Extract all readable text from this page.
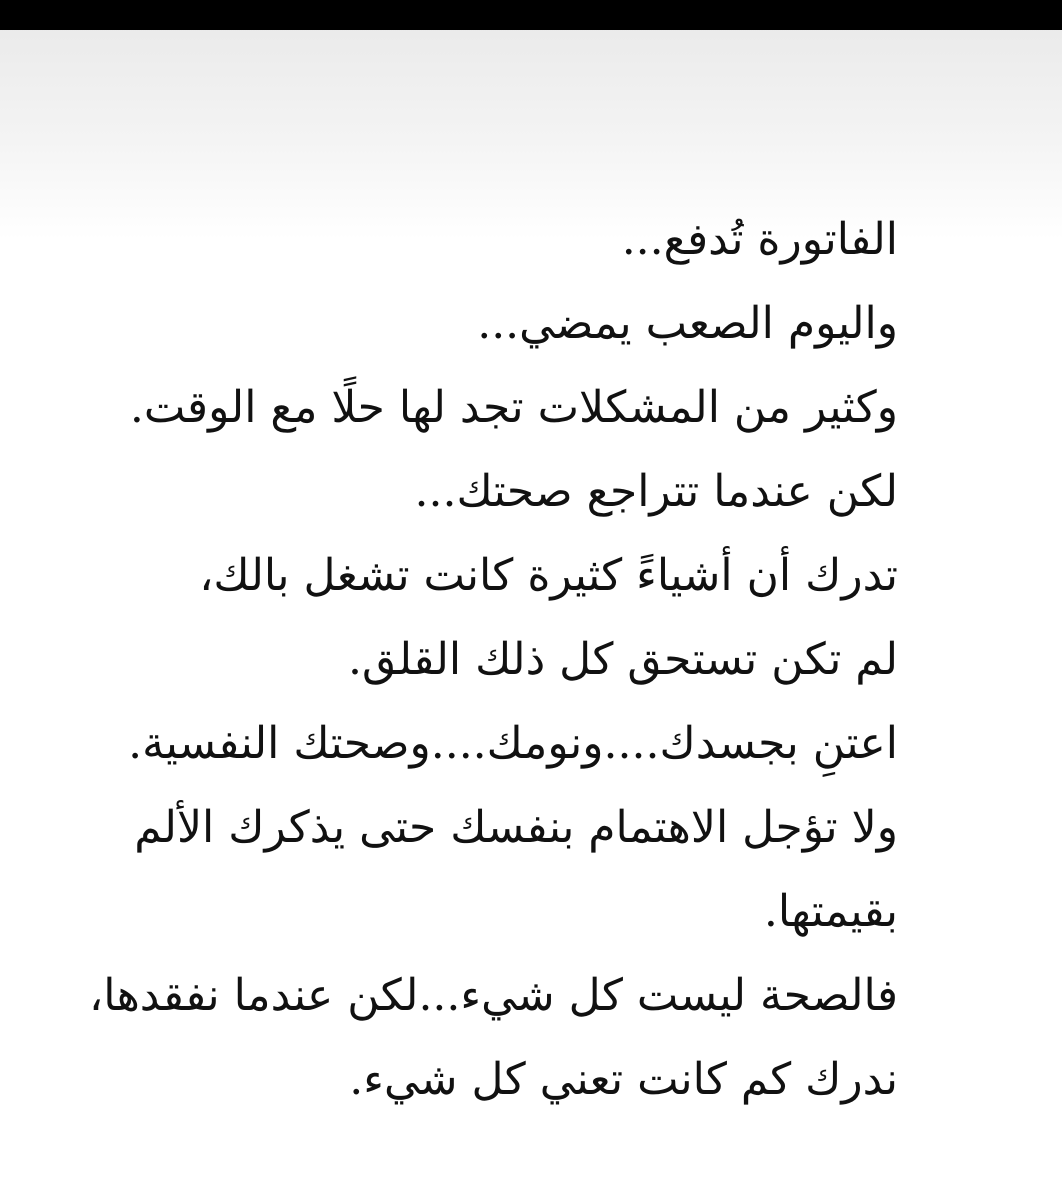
الفاتورة تُدفع...
واليوم الصعب يمضي...
وكثير من المشكلات تجد لها حلًا مع الوقت.
لكن عندما تتراجع صحتك...
تدرك أن أشياءً كثيرة كانت تشغل بالك،
لم تكن تستحق كل ذلك القلق.
اعتنِ بجسدك....ونومك....وصحتك النفسية.
ولا تؤجل الاهتمام بنفسك حتى يذكرك الألم
بقيمتها.
فالصحة ليست كل شيء...لكن عندما نفقدها،
ندرك كم كانت تعني كل شيء.
